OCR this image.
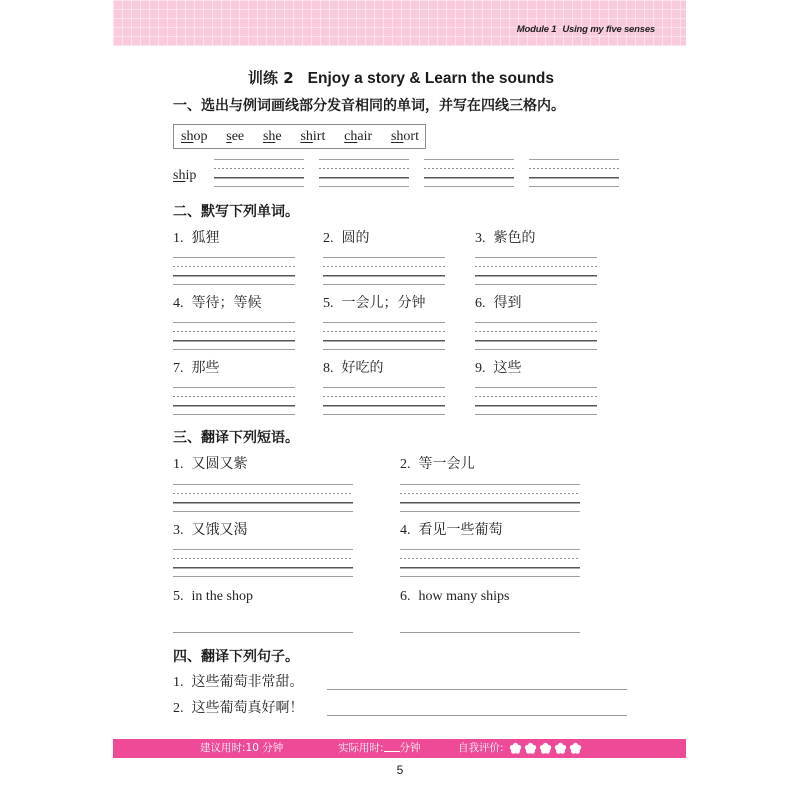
Module 1 Using my five senses
训练 2 Enjoy a story & Learn the sounds
一、选出与例词画线部分发音相同的单词，并写在四线三格内。
shop see she shirt chair short
ship
二、默写下列单词。
1. 狐狸	2. 圆的	3. 紫色的
4. 等待；等候	5. 一会儿；分钟	6. 得到
7. 那些	8. 好吃的	9. 这些
三、翻译下列短语。
1. 又圆又紫	2. 等一会儿
3. 又饿又渴	4. 看见一些葡萄
5. in the shop	6. how many ships
四、翻译下列句子。
1. 这些葡萄非常甜。
2. 这些葡萄真好啊！
建议用时:10 分钟	实际用时: 分钟	自我评价:
5
